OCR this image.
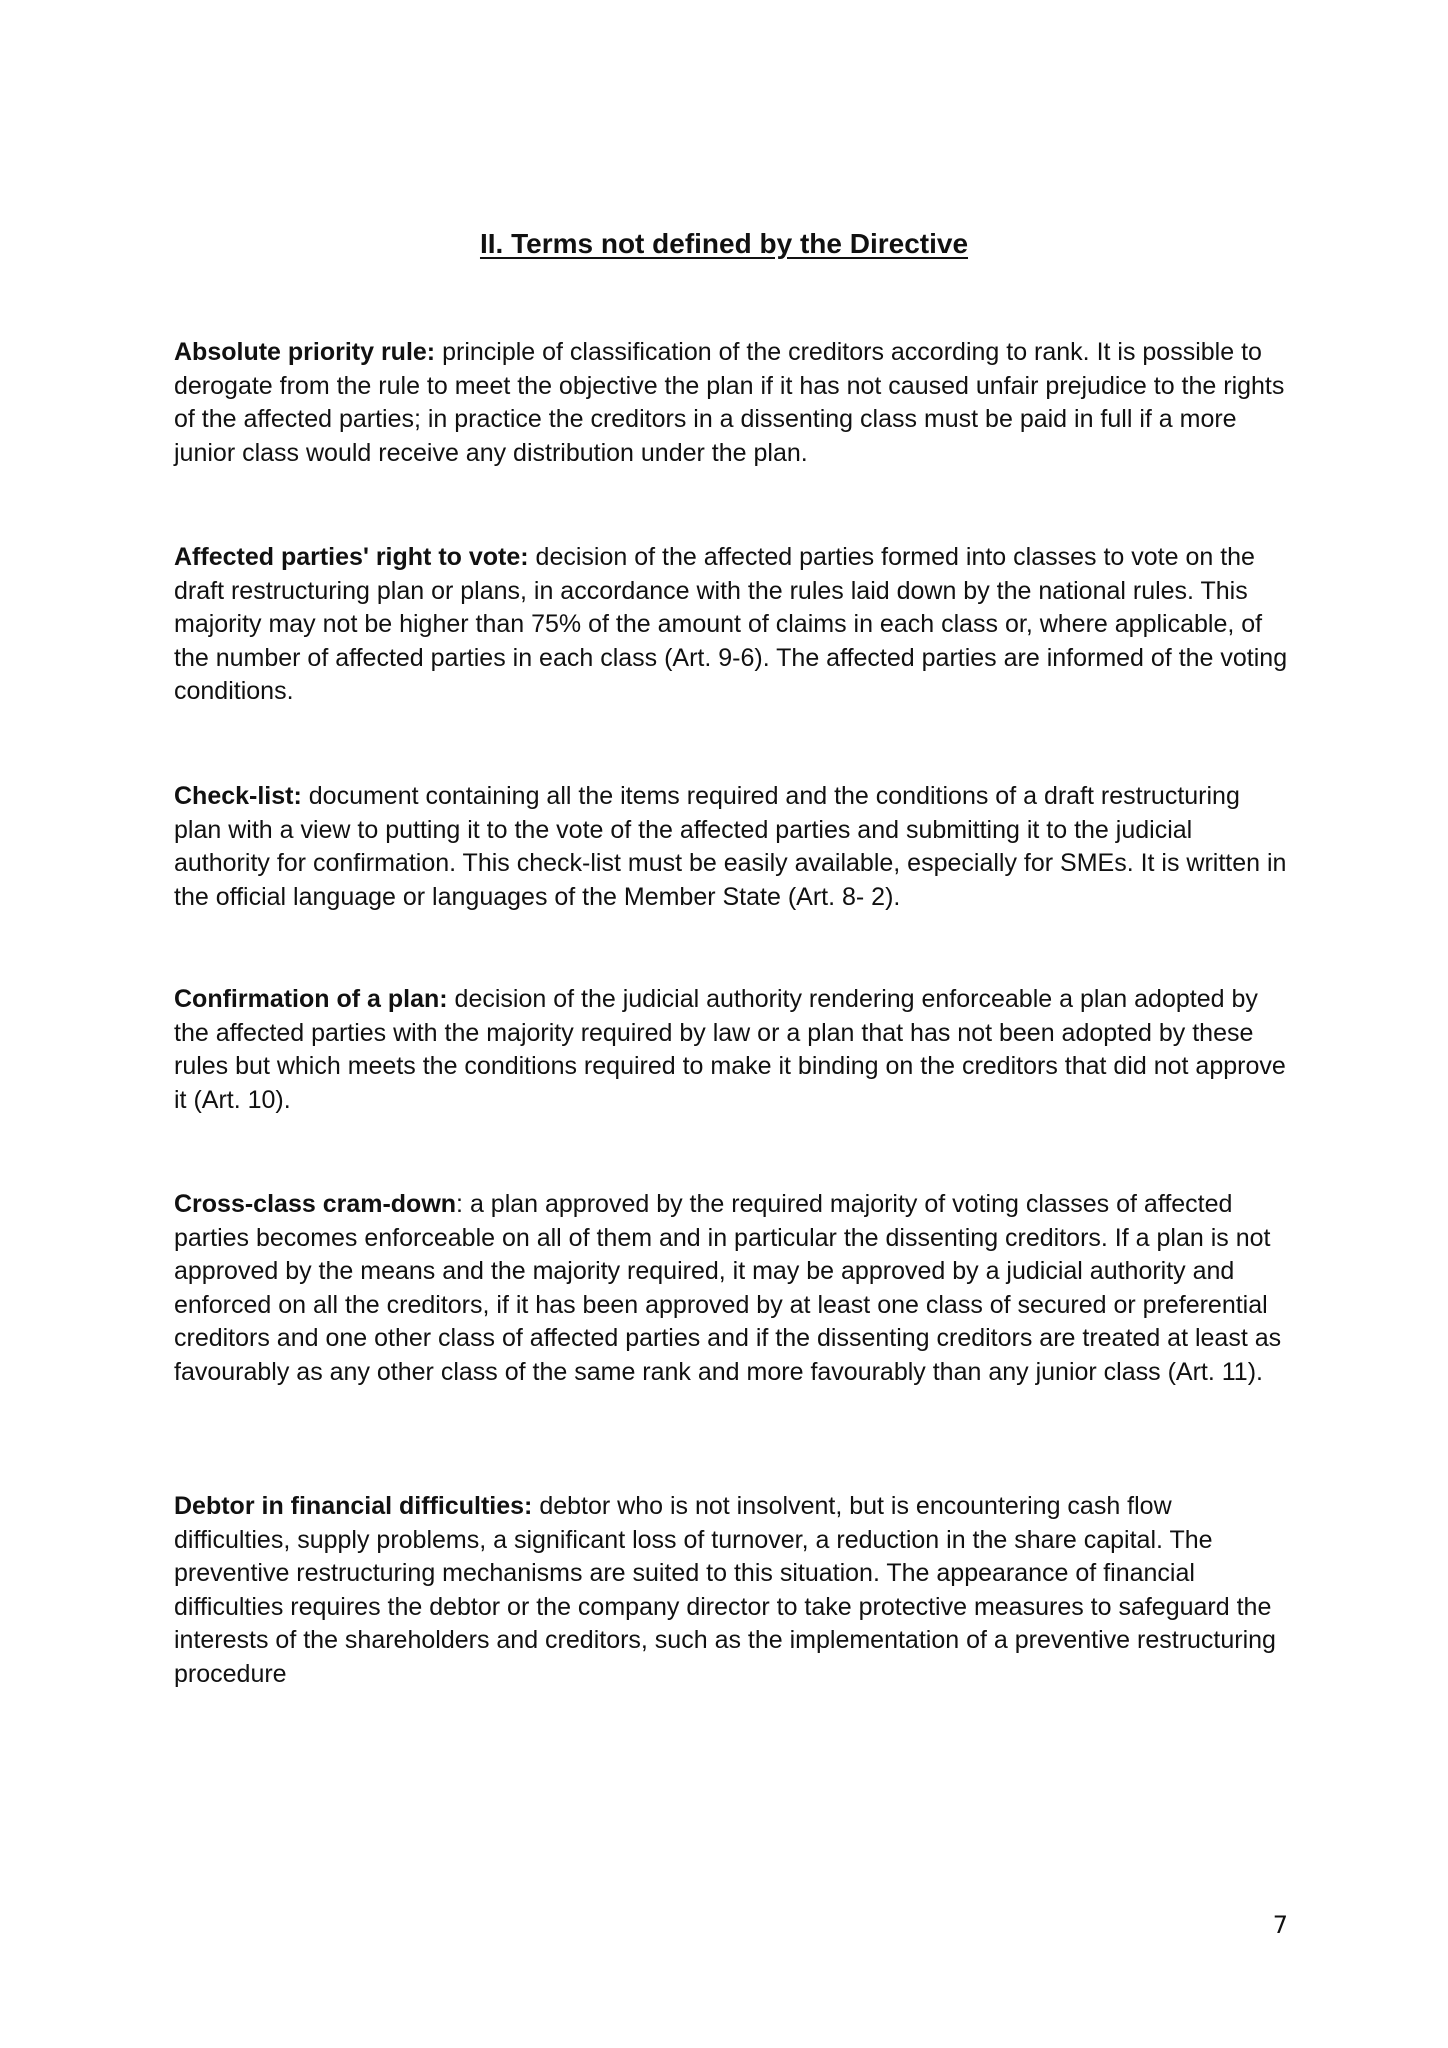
II. Terms not defined by the Directive

Absolute priority rule: principle of classification of the creditors according to rank. It is possible to derogate from the rule to meet the objective the plan if it has not caused unfair prejudice to the rights of the affected parties; in practice the creditors in a dissenting class must be paid in full if a more junior class would receive any distribution under the plan.

Affected parties' right to vote: decision of the affected parties formed into classes to vote on the draft restructuring plan or plans, in accordance with the rules laid down by the national rules. This majority may not be higher than 75% of the amount of claims in each class or, where applicable, of the number of affected parties in each class (Art. 9-6). The affected parties are informed of the voting conditions.

Check-list: document containing all the items required and the conditions of a draft restructuring plan with a view to putting it to the vote of the affected parties and submitting it to the judicial authority for confirmation. This check-list must be easily available, especially for SMEs. It is written in the official language or languages of the Member State (Art. 8- 2).

Confirmation of a plan: decision of the judicial authority rendering enforceable a plan adopted by the affected parties with the majority required by law or a plan that has not been adopted by these rules but which meets the conditions required to make it binding on the creditors that did not approve it (Art. 10).

Cross-class cram-down: a plan approved by the required majority of voting classes of affected parties becomes enforceable on all of them and in particular the dissenting creditors. If a plan is not approved by the means and the majority required, it may be approved by a judicial authority and enforced on all the creditors, if it has been approved by at least one class of secured or preferential creditors and one other class of affected parties and if the dissenting creditors are treated at least as favourably as any other class of the same rank and more favourably than any junior class (Art. 11).

Debtor in financial difficulties: debtor who is not insolvent, but is encountering cash flow difficulties, supply problems, a significant loss of turnover, a reduction in the share capital. The preventive restructuring mechanisms are suited to this situation. The appearance of financial difficulties requires the debtor or the company director to take protective measures to safeguard the interests of the shareholders and creditors, such as the implementation of a preventive restructuring procedure

7
